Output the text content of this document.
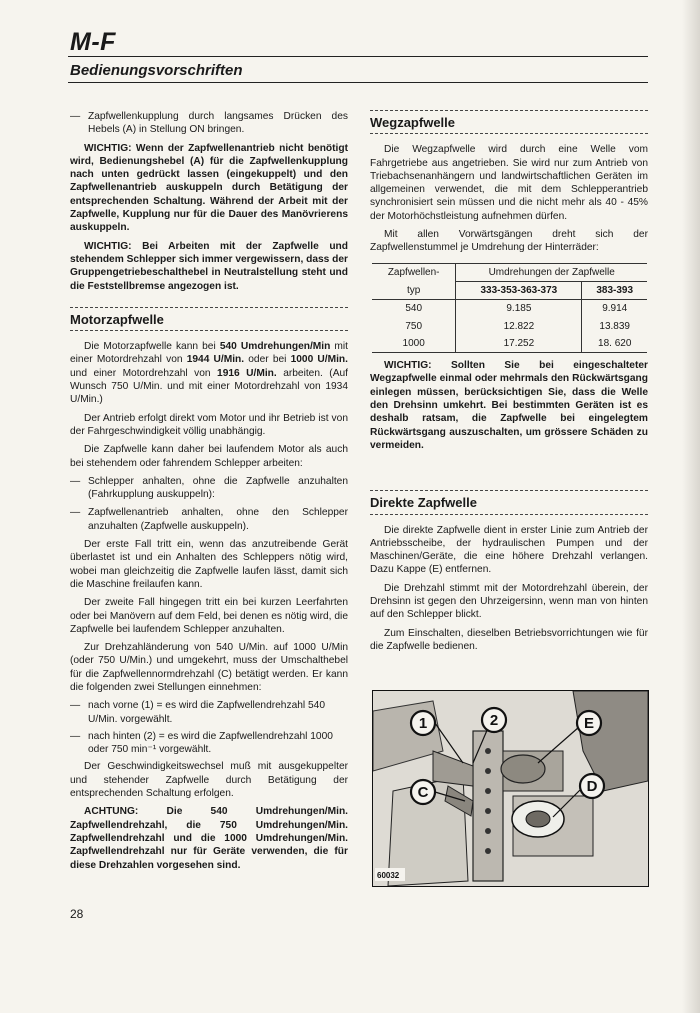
M-F
Bedienungsvorschriften
— Zapfwellenkupplung durch langsames Drücken des Hebels (A) in Stellung ON bringen.

WICHTIG: Wenn der Zapfwellenantrieb nicht benötigt wird, Bedienungshebel (A) für die Zapfwellenkupplung nach unten gedrückt lassen (eingekuppelt) und den Zapfwellenantrieb auskuppeln durch Betätigung der entsprechenden Schaltung. Während der Arbeit mit der Zapfwelle, Kupplung nur für die Dauer des Manövrierens auskuppeln.

WICHTIG: Bei Arbeiten mit der Zapfwelle und stehendem Schlepper sich immer vergewissern, dass der Gruppengetriebeschalthebel in Neutralstellung steht und die Feststellbremse angezogen ist.

Motorzapfwelle

Die Motorzapfwelle kann bei 540 Umdrehungen/Min mit einer Motordrehzahl von 1944 U/Min. oder bei 1000 U/Min. und einer Motordrehzahl von 1916 U/Min. arbeiten. (Auf Wunsch 750 U/Min. und mit einer Motordrehzahl von 1934 U/Min.)

Der Antrieb erfolgt direkt vom Motor und ihr Betrieb ist von der Fahrgeschwindigkeit völlig unabhängig.

Die Zapfwelle kann daher bei laufendem Motor als auch bei stehendem oder fahrendem Schlepper arbeiten:

— Schlepper anhalten, ohne die Zapfwelle anzuhalten (Fahrkupplung auskuppeln):
— Zapfwellenantrieb anhalten, ohne den Schlepper anzuhalten (Zapfwelle auskuppeln).

Der erste Fall tritt ein, wenn das anzutreibende Gerät überlastet ist und ein Anhalten des Schleppers nötig wird, wobei man gleichzeitig die Zapfwelle laufen lässt, damit sich die Maschine freilaufen kann.

Der zweite Fall hingegen tritt ein bei kurzen Leerfahrten oder bei Manövern auf dem Feld, bei denen es nötig wird, die Zapfwelle bei laufendem Schlepper anzuhalten.

Zur Drehzahländerung von 540 U/Min. auf 1000 U/Min (oder 750 U/Min.) und umgekehrt, muss der Umschalthebel für die Zapfwellennormdrehzahl (C) betätigt werden. Er kann die folgenden zwei Stellungen einnehmen:

— nach vorne (1) = es wird die Zapfwellendrehzahl 540 U/Min. vorgewählt.
— nach hinten (2) = es wird die Zapfwellendrehzahl 1000 oder 750 min⁻¹ vorgewählt.

Der Geschwindigkeitswechsel muß mit ausgekuppelter und stehender Zapfwelle durch Betätigung der entsprechenden Schaltung erfolgen.

ACHTUNG: Die 540 Umdrehungen/Min. Zapfwellendrehzahl, die 750 Umdrehungen/Min. Zapfwellendrehzahl und die 1000 Umdrehungen/Min. Zapfwellendrehzahl nur für Geräte verwenden, die für diese Drehzahlen vorgesehen sind.

Wegzapfwelle

Die Wegzapfwelle wird durch eine Welle vom Fahrgetriebe aus angetrieben. Sie wird nur zum Antrieb von Triebachsenanhängern und landwirtschaftlichen Geräten im allgemeinen verwendet, die mit dem Schlepperantrieb synchronisiert sein müssen und die nicht mehr als 40 - 45% der Motorhöchstleistung aufnehmen dürfen.

Mit allen Vorwärtsgängen dreht sich der Zapfwellenstummel je Umdrehung der Hinterräder:

Zapfwellen-	Umdrehungen der Zapfwelle	
typ	333-353-363-373	383-393
540	9.185	9.914
750	12.822	13.839
1000	17.252	18. 620

WICHTIG: Sollten Sie bei eingeschalteter Wegzapfwelle einmal oder mehrmals den Rückwärtsgang einlegen müssen, berücksichtigen Sie, dass die Welle den Drehsinn umkehrt. Bei bestimmten Geräten ist es deshalb ratsam, die Zapfwelle bei eingelegtem Rückwärtsgang auszuschalten, um grössere Schäden zu vermeiden.

Direkte Zapfwelle

Die direkte Zapfwelle dient in erster Linie zum Antrieb der Antriebsscheibe, der hydraulischen Pumpen und der Maschinen/Geräte, die eine höhere Drehzahl verlangen. Dazu Kappe (E) entfernen.

Die Drehzahl stimmt mit der Motordrehzahl überein, der Drehsinn ist gegen den Uhrzeigersinn, wenn man von hinten auf den Schlepper blickt.

Zum Einschalten, dieselben Betriebsvorrichtungen wie für die Zapfwelle bedienen.

1	2	E
C	D
60032
28
